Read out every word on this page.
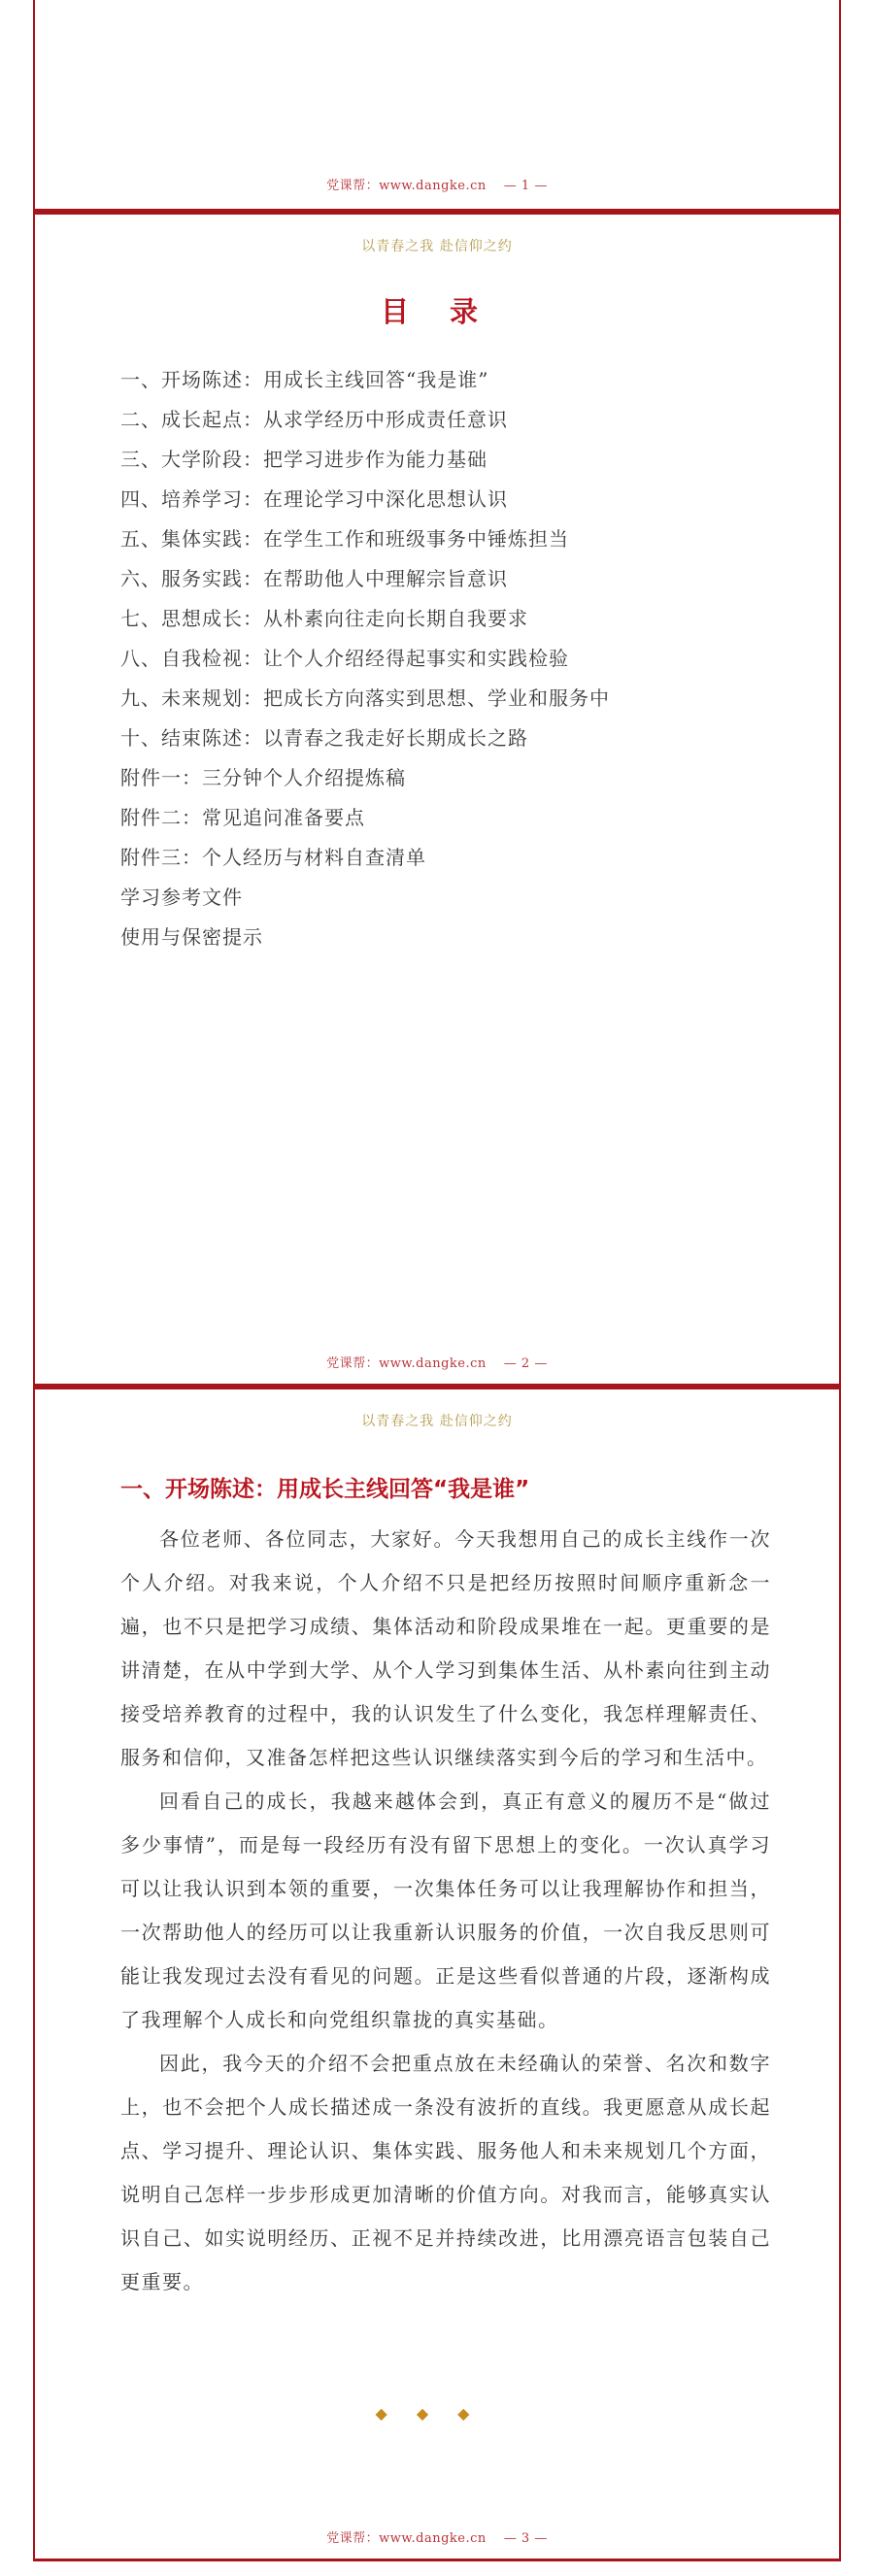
党课帮：www.dangke.cn — 1 —
以青春之我 赴信仰之约
目 录
一、开场陈述：用成长主线回答“我是谁”
二、成长起点：从求学经历中形成责任意识
三、大学阶段：把学习进步作为能力基础
四、培养学习：在理论学习中深化思想认识
五、集体实践：在学生工作和班级事务中锤炼担当
六、服务实践：在帮助他人中理解宗旨意识
七、思想成长：从朴素向往走向长期自我要求
八、自我检视：让个人介绍经得起事实和实践检验
九、未来规划：把成长方向落实到思想、学业和服务中
十、结束陈述：以青春之我走好长期成长之路
附件一：三分钟个人介绍提炼稿
附件二：常见追问准备要点
附件三：个人经历与材料自查清单
学习参考文件
使用与保密提示
党课帮：www.dangke.cn — 2 —
以青春之我 赴信仰之约
一、开场陈述：用成长主线回答“我是谁”

各位老师、各位同志，大家好。今天我想用自己的成长主线作一次个人介绍。对我来说，个人介绍不只是把经历按照时间顺序重新念一遍，也不只是把学习成绩、集体活动和阶段成果堆在一起。更重要的是讲清楚，在从中学到大学、从个人学习到集体生活、从朴素向往到主动接受培养教育的过程中，我的认识发生了什么变化，我怎样理解责任、服务和信仰，又准备怎样把这些认识继续落实到今后的学习和生活中。

回看自己的成长，我越来越体会到，真正有意义的履历不是“做过多少事情”，而是每一段经历有没有留下思想上的变化。一次认真学习可以让我认识到本领的重要，一次集体任务可以让我理解协作和担当，一次帮助他人的经历可以让我重新认识服务的价值，一次自我反思则可能让我发现过去没有看见的问题。正是这些看似普通的片段，逐渐构成了我理解个人成长和向党组织靠拢的真实基础。

因此，我今天的介绍不会把重点放在未经确认的荣誉、名次和数字上，也不会把个人成长描述成一条没有波折的直线。我更愿意从成长起点、学习提升、理论认识、集体实践、服务他人和未来规划几个方面，说明自己怎样一步步形成更加清晰的价值方向。对我而言，能够真实认识自己、如实说明经历、正视不足并持续改进，比用漂亮语言包装自己更重要。

◆◆◆
党课帮：www.dangke.cn — 3 —
